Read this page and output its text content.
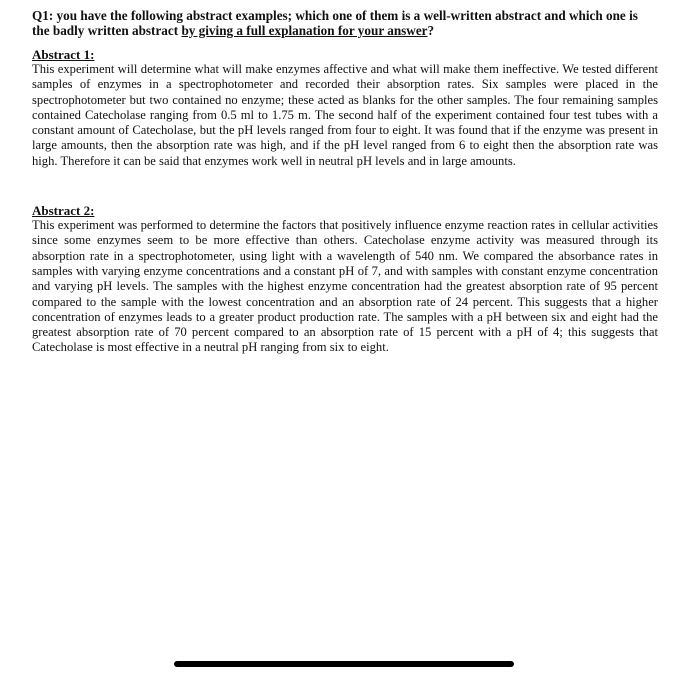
Q1: you have the following abstract examples; which one of them is a well-written abstract and which one is the badly written abstract by giving a full explanation for your answer?

Abstract 1:

This experiment will determine what will make enzymes affective and what will make them ineffective. We tested different samples of enzymes in a spectrophotometer and recorded their absorption rates. Six samples were placed in the spectrophotometer but two contained no enzyme; these acted as blanks for the other samples. The four remaining samples contained Catecholase ranging from 0.5 ml to 1.75 m. The second half of the experiment contained four test tubes with a constant amount of Catecholase, but the pH levels ranged from four to eight. It was found that if the enzyme was present in large amounts, then the absorption rate was high, and if the pH level ranged from 6 to eight then the absorption rate was high. Therefore it can be said that enzymes work well in neutral pH levels and in large amounts.

Abstract 2:

This experiment was performed to determine the factors that positively influence enzyme reaction rates in cellular activities since some enzymes seem to be more effective than others. Catecholase enzyme activity was measured through its absorption rate in a spectrophotometer, using light with a wavelength of 540 nm. We compared the absorbance rates in samples with varying enzyme concentrations and a constant pH of 7, and with samples with constant enzyme concentration and varying pH levels. The samples with the highest enzyme concentration had the greatest absorption rate of 95 percent compared to the sample with the lowest concentration and an absorption rate of 24 percent. This suggests that a higher concentration of enzymes leads to a greater product production rate. The samples with a pH between six and eight had the greatest absorption rate of 70 percent compared to an absorption rate of 15 percent with a pH of 4; this suggests that Catecholase is most effective in a neutral pH ranging from six to eight.
